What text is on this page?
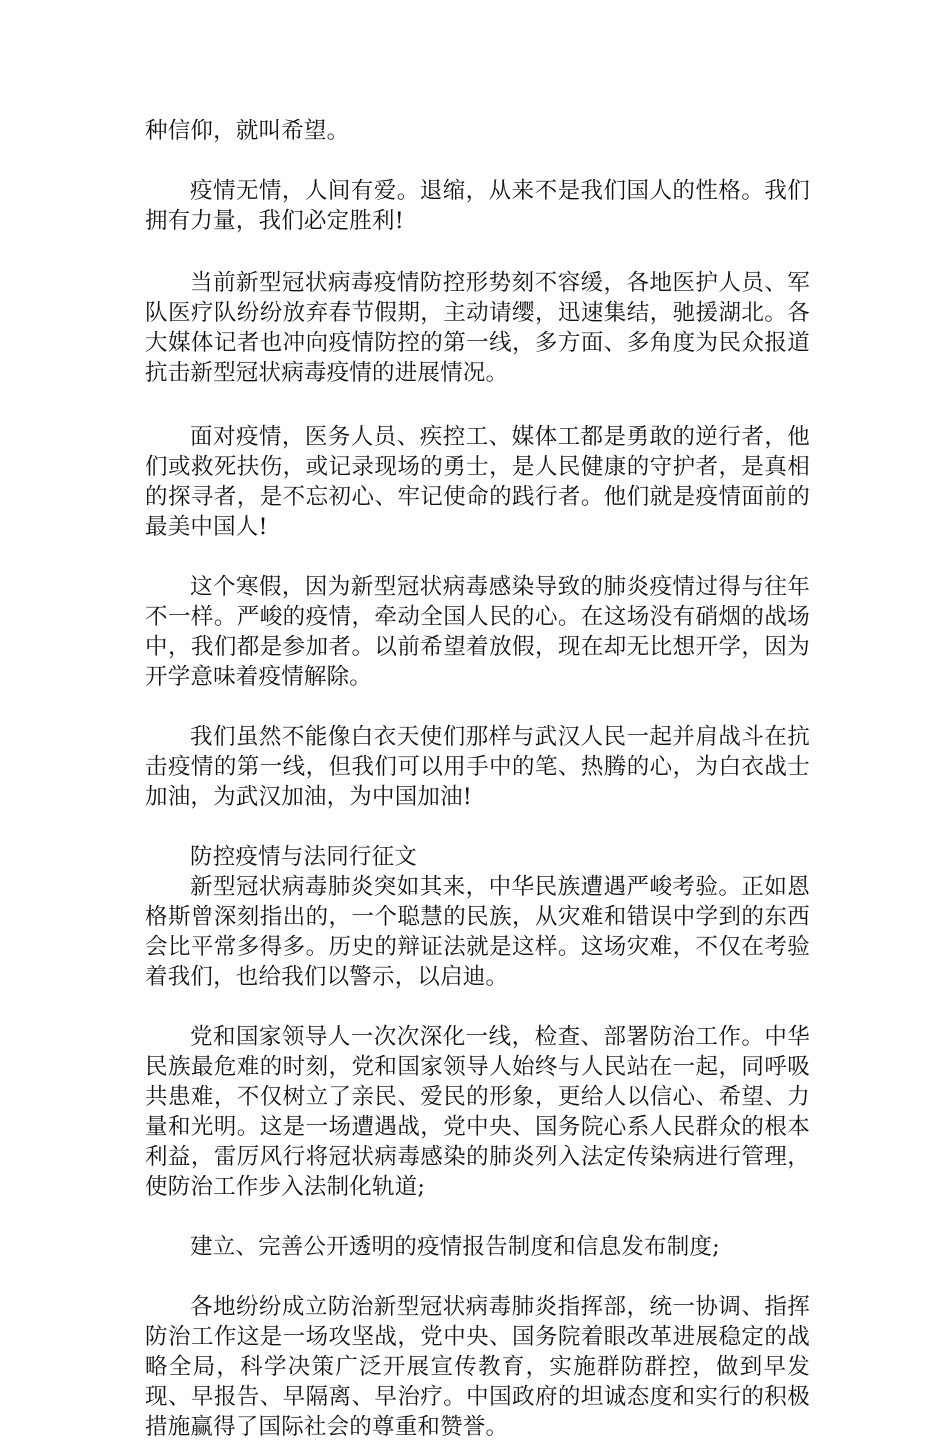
种信仰，就叫希望。

疫情无情，人间有爱。退缩，从来不是我们国人的性格。我们拥有力量，我们必定胜利!

当前新型冠状病毒疫情防控形势刻不容缓，各地医护人员、军队医疗队纷纷放弃春节假期，主动请缨，迅速集结，驰援湖北。各大媒体记者也冲向疫情防控的第一线，多方面、多角度为民众报道抗击新型冠状病毒疫情的进展情况。

面对疫情，医务人员、疾控工、媒体工都是勇敢的逆行者，他们或救死扶伤，或记录现场的勇士，是人民健康的守护者，是真相的探寻者，是不忘初心、牢记使命的践行者。他们就是疫情面前的最美中国人!

这个寒假，因为新型冠状病毒感染导致的肺炎疫情过得与往年不一样。严峻的疫情，牵动全国人民的心。在这场没有硝烟的战场中，我们都是参加者。以前希望着放假，现在却无比想开学，因为开学意味着疫情解除。

我们虽然不能像白衣天使们那样与武汉人民一起并肩战斗在抗击疫情的第一线，但我们可以用手中的笔、热腾的心，为白衣战士加油，为武汉加油，为中国加油!

防控疫情与法同行征文

新型冠状病毒肺炎突如其来，中华民族遭遇严峻考验。正如恩格斯曾深刻指出的，一个聪慧的民族，从灾难和错误中学到的东西会比平常多得多。历史的辩证法就是这样。这场灾难，不仅在考验着我们，也给我们以警示，以启迪。

党和国家领导人一次次深化一线，检查、部署防治工作。中华民族最危难的时刻，党和国家领导人始终与人民站在一起，同呼吸共患难，不仅树立了亲民、爱民的形象，更给人以信心、希望、力量和光明。这是一场遭遇战，党中央、国务院心系人民群众的根本利益，雷厉风行将冠状病毒感染的肺炎列入法定传染病进行管理，使防治工作步入法制化轨道;

建立、完善公开透明的疫情报告制度和信息发布制度;

各地纷纷成立防治新型冠状病毒肺炎指挥部，统一协调、指挥防治工作这是一场攻坚战，党中央、国务院着眼改革进展稳定的战略全局，科学决策广泛开展宣传教育，实施群防群控，做到早发现、早报告、早隔离、早治疗。中国政府的坦诚态度和实行的积极措施赢得了国际社会的尊重和赞誉。
